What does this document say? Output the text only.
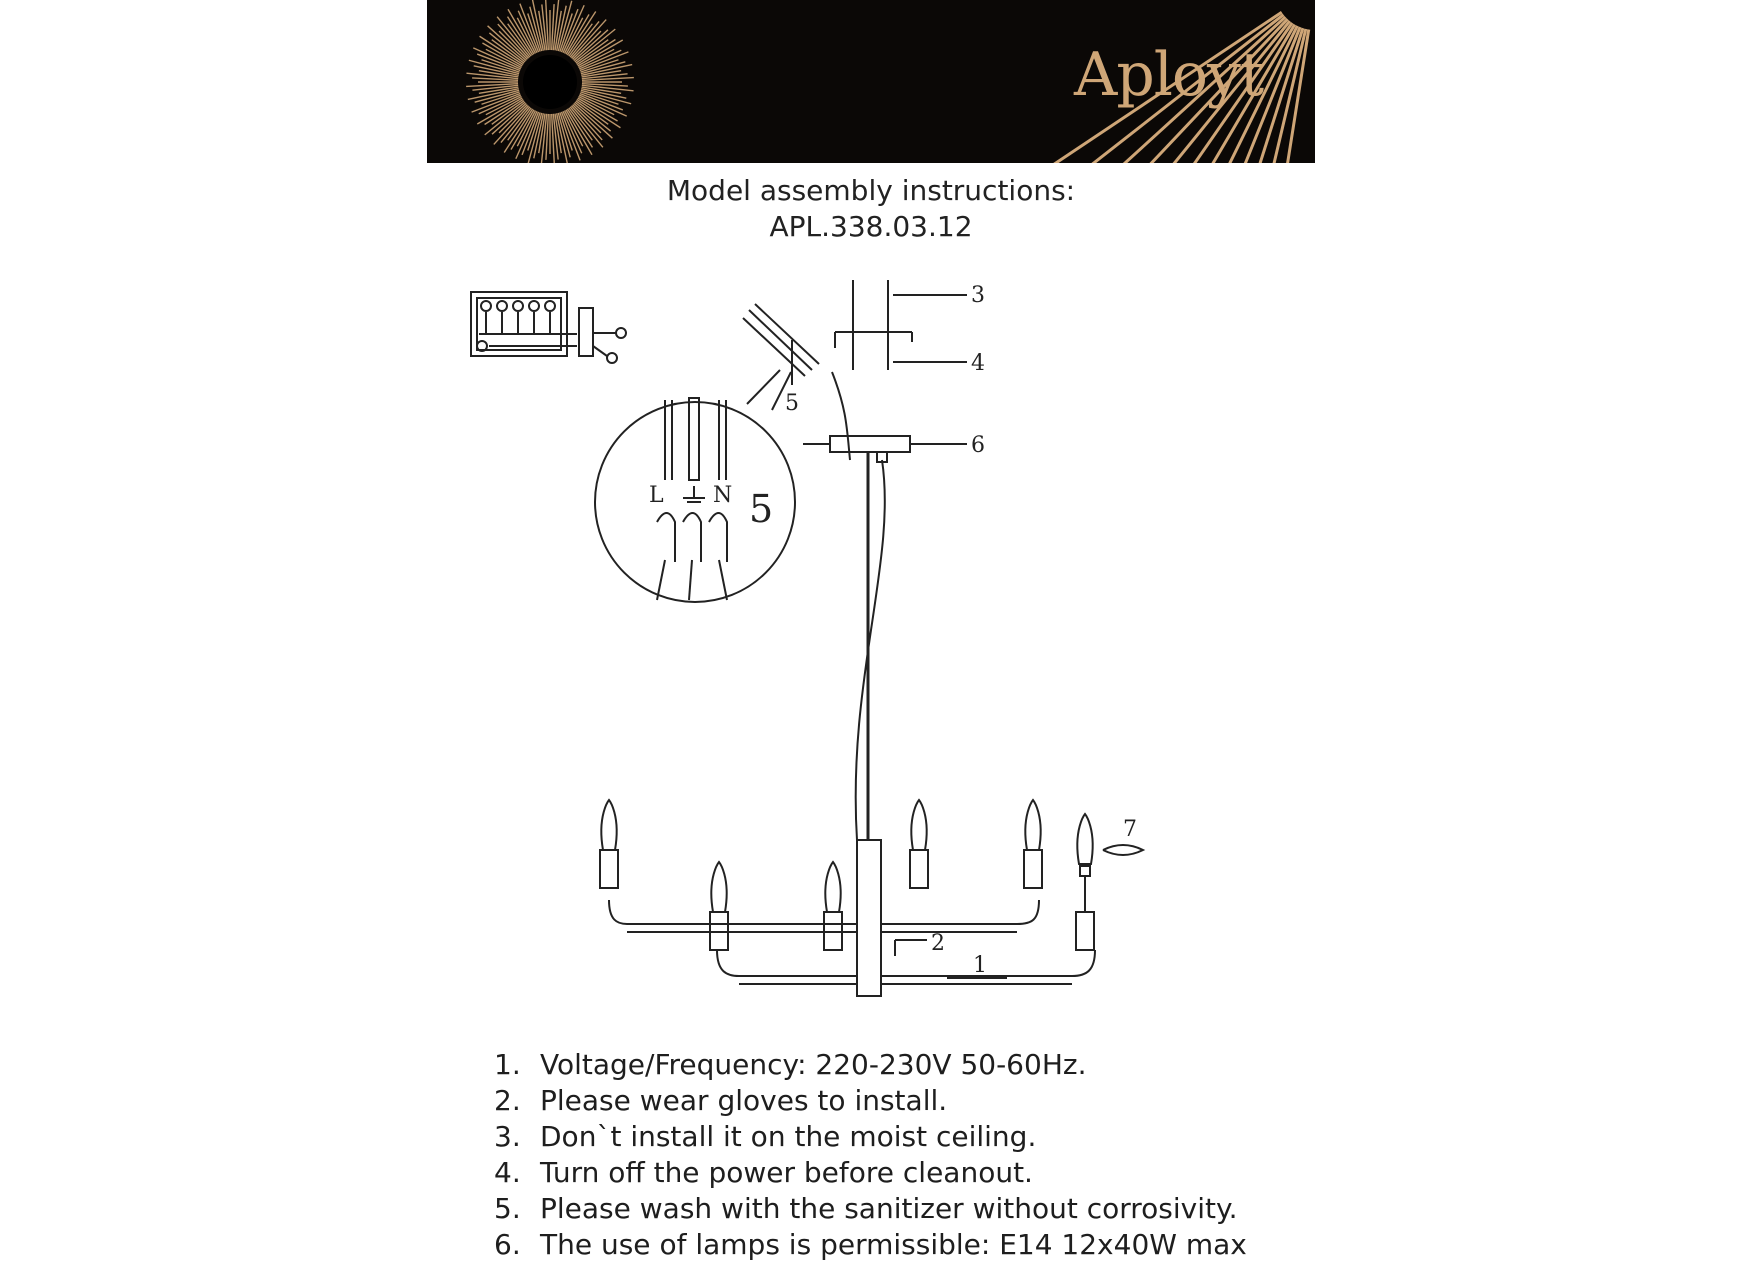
Aployt
Model assembly instructions:
APL.338.03.12
3
4
5
6
2
1
7
L N 5
1. Voltage/Frequency: 220-230V 50-60Hz.
2. Please wear gloves to install.
3. Don`t install it on the moist ceiling.
4. Turn off the power before cleanout.
5. Please wash with the sanitizer without corrosivity.
6. The use of lamps is permissible: E14 12x40W max
